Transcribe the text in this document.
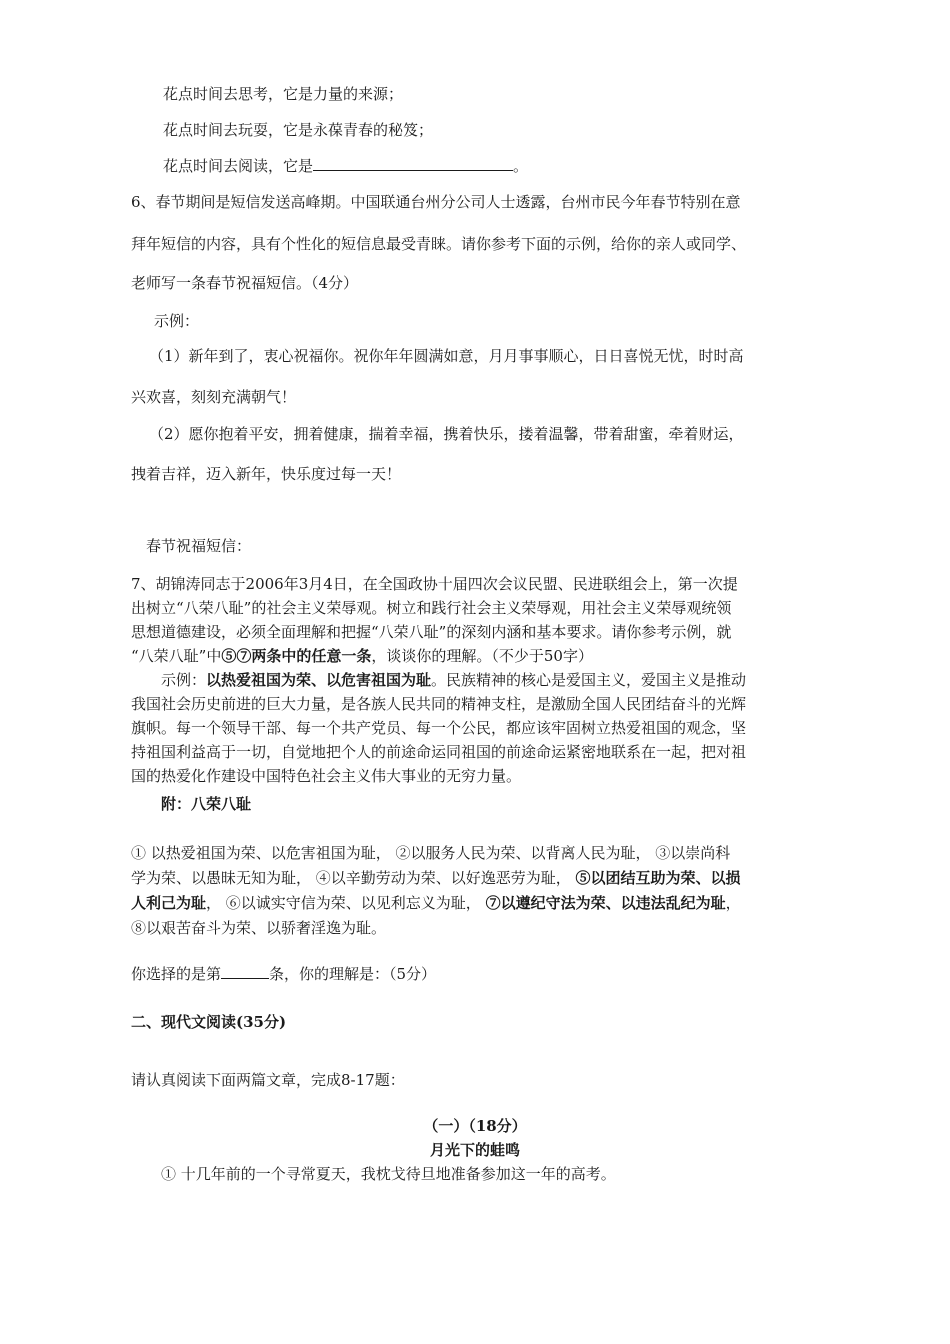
花点时间去思考，它是力量的来源；
花点时间去玩耍，它是永葆青春的秘笈；
花点时间去阅读，它是	。
6、春节期间是短信发送高峰期。中国联通台州分公司人士透露，台州市民今年春节特别在意
拜年短信的内容，具有个性化的短信息最受青睐。请你参考下面的示例，给你的亲人或同学、
老师写一条春节祝福短信。（4分）
示例：
（1）新年到了，衷心祝福你。祝你年年圆满如意，月月事事顺心，日日喜悦无忧，时时高
兴欢喜，刻刻充满朝气！
（2）愿你抱着平安，拥着健康，揣着幸福，携着快乐，搂着温馨，带着甜蜜，牵着财运，
拽着吉祥，迈入新年，快乐度过每一天！
春节祝福短信：
7、胡锦涛同志于2006年3月4日，在全国政协十届四次会议民盟、民进联组会上，第一次提
出树立“八荣八耻”的社会主义荣辱观。树立和践行社会主义荣辱观，用社会主义荣辱观统领
思想道德建设，必须全面理解和把握“八荣八耻”的深刻内涵和基本要求。请你参考示例，就
“八荣八耻”中⑤⑦两条中的任意一条，谈谈你的理解。（不少于50字）
示例：以热爱祖国为荣、以危害祖国为耻。民族精神的核心是爱国主义，爱国主义是推动
我国社会历史前进的巨大力量，是各族人民共同的精神支柱，是激励全国人民团结奋斗的光辉
旗帜。每一个领导干部、每一个共产党员、每一个公民，都应该牢固树立热爱祖国的观念，坚
持祖国利益高于一切，自觉地把个人的前途命运同祖国的前途命运紧密地联系在一起，把对祖
国的热爱化作建设中国特色社会主义伟大事业的无穷力量。
附：八荣八耻
① 以热爱祖国为荣、以危害祖国为耻， ②以服务人民为荣、以背离人民为耻， ③以崇尚科
学为荣、以愚昧无知为耻， ④以辛勤劳动为荣、以好逸恶劳为耻， ⑤以团结互助为荣、以损
人利己为耻， ⑥以诚实守信为荣、以见利忘义为耻， ⑦以遵纪守法为荣、以违法乱纪为耻，
⑧以艰苦奋斗为荣、以骄奢淫逸为耻。
你选择的是第	条，你的理解是：（5分）
二、现代文阅读(35分)
请认真阅读下面两篇文章，完成8-17题：
（一）（18分）
月光下的蛙鸣
① 十几年前的一个寻常夏天，我枕戈待旦地准备参加这一年的高考。
